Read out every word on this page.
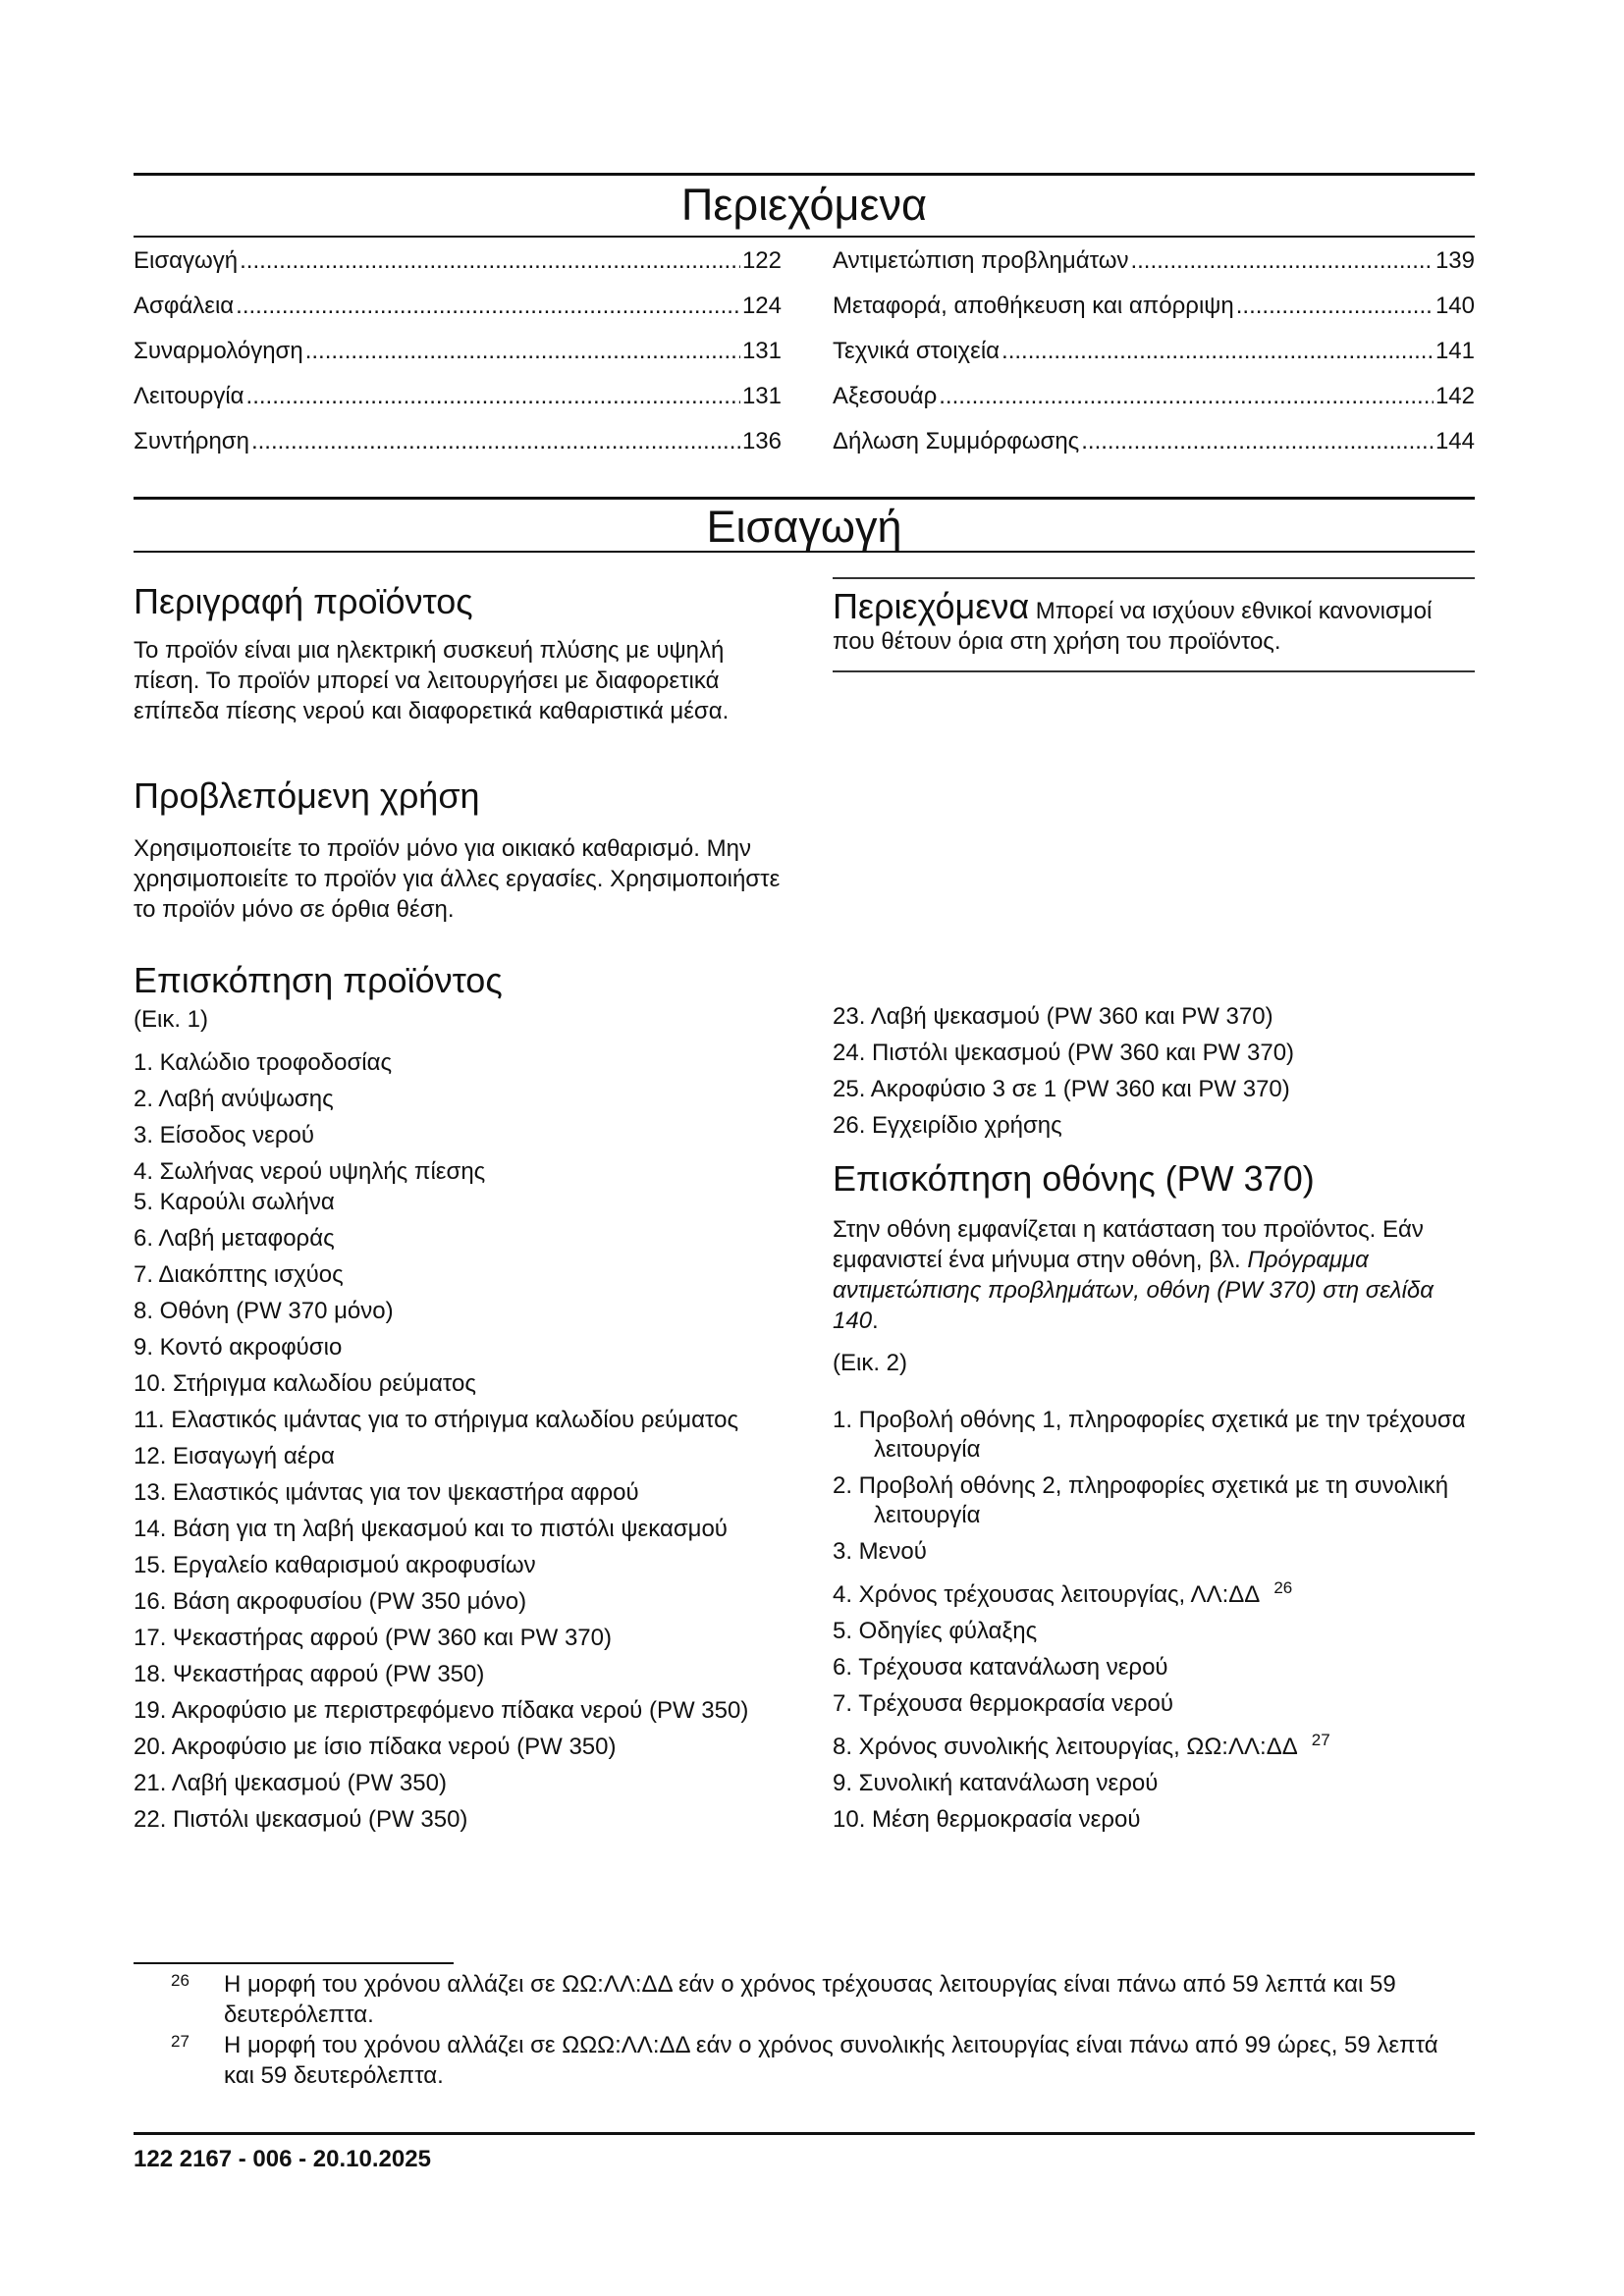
Περιεχόμενα
Εισαγωγή .....	122
Ασφάλεια .....	124
Συναρμολόγηση .....	131
Λειτουργία .....	131
Συντήρηση .....	136
Αντιμετώπιση προβλημάτων .....	139
Μεταφορά, αποθήκευση και απόρριψη .....	140
Τεχνικά στοιχεία .....	141
Αξεσουάρ .....	142
Δήλωση Συμμόρφωσης .....	144
Εισαγωγή
Περιγραφή προϊόντος

Το προϊόν είναι μια ηλεκτρική συσκευή πλύσης με υψηλή πίεση. Το προϊόν μπορεί να λειτουργήσει με διαφορετικά επίπεδα πίεσης νερού και διαφορετικά καθαριστικά μέσα.

Προβλεπόμενη χρήση

Χρησιμοποιείτε το προϊόν μόνο για οικιακό καθαρισμό. Μην χρησιμοποιείτε το προϊόν για άλλες εργασίες. Χρησιμοποιήστε το προϊόν μόνο σε όρθια θέση.

Περιεχόμενα Μπορεί να ισχύουν εθνικοί κανονισμοί που θέτουν όρια στη χρήση του προϊόντος.
Επισκόπηση προϊόντος
(Εικ. 1)
1. Καλώδιο τροφοδοσίας
2. Λαβή ανύψωσης
3. Είσοδος νερού
4. Σωλήνας νερού υψηλής πίεσης
5. Καρούλι σωλήνα
6. Λαβή μεταφοράς
7. Διακόπτης ισχύος
8. Οθόνη (PW 370 μόνο)
9. Κοντό ακροφύσιο
10. Στήριγμα καλωδίου ρεύματος
11. Ελαστικός ιμάντας για το στήριγμα καλωδίου ρεύματος
12. Εισαγωγή αέρα
13. Ελαστικός ιμάντας για τον ψεκαστήρα αφρού
14. Βάση για τη λαβή ψεκασμού και το πιστόλι ψεκασμού
15. Εργαλείο καθαρισμού ακροφυσίων
16. Βάση ακροφυσίου (PW 350 μόνο)
17. Ψεκαστήρας αφρού (PW 360 και PW 370)
18. Ψεκαστήρας αφρού (PW 350)
19. Ακροφύσιο με περιστρεφόμενο πίδακα νερού (PW 350)
20. Ακροφύσιο με ίσιο πίδακα νερού (PW 350)
21. Λαβή ψεκασμού (PW 350)
22. Πιστόλι ψεκασμού (PW 350)
23. Λαβή ψεκασμού (PW 360 και PW 370)
24. Πιστόλι ψεκασμού (PW 360 και PW 370)
25. Ακροφύσιο 3 σε 1 (PW 360 και PW 370)
26. Εγχειρίδιο χρήσης
Επισκόπηση οθόνης (PW 370)

Στην οθόνη εμφανίζεται η κατάσταση του προϊόντος. Εάν εμφανιστεί ένα μήνυμα στην οθόνη, βλ. Πρόγραμμα αντιμετώπισης προβλημάτων, οθόνη (PW 370) στη σελίδα 140.

(Εικ. 2)
1. Προβολή οθόνης 1, πληροφορίες σχετικά με την τρέχουσα λειτουργία
2. Προβολή οθόνης 2, πληροφορίες σχετικά με τη συνολική λειτουργία
3. Μενού
4. Χρόνος τρέχουσας λειτουργίας, ΛΛ:ΔΔ $^{26}$
5. Οδηγίες φύλαξης
6. Τρέχουσα κατανάλωση νερού
7. Τρέχουσα θερμοκρασία νερού
8. Χρόνος συνολικής λειτουργίας, ΩΩ:ΛΛ:ΔΔ $^{27}$
9. Συνολική κατανάλωση νερού
10. Μέση θερμοκρασία νερού
26	Η μορφή του χρόνου αλλάζει σε ΩΩ:ΛΛ:ΔΔ εάν ο χρόνος τρέχουσας λειτουργίας είναι πάνω από 59 λεπτά και 59 δευτερόλεπτα.
27	Η μορφή του χρόνου αλλάζει σε ΩΩΩ:ΛΛ:ΔΔ εάν ο χρόνος συνολικής λειτουργίας είναι πάνω από 99 ώρες, 59 λεπτά και 59 δευτερόλεπτα.
122 2167 - 006 - 20.10.2025
